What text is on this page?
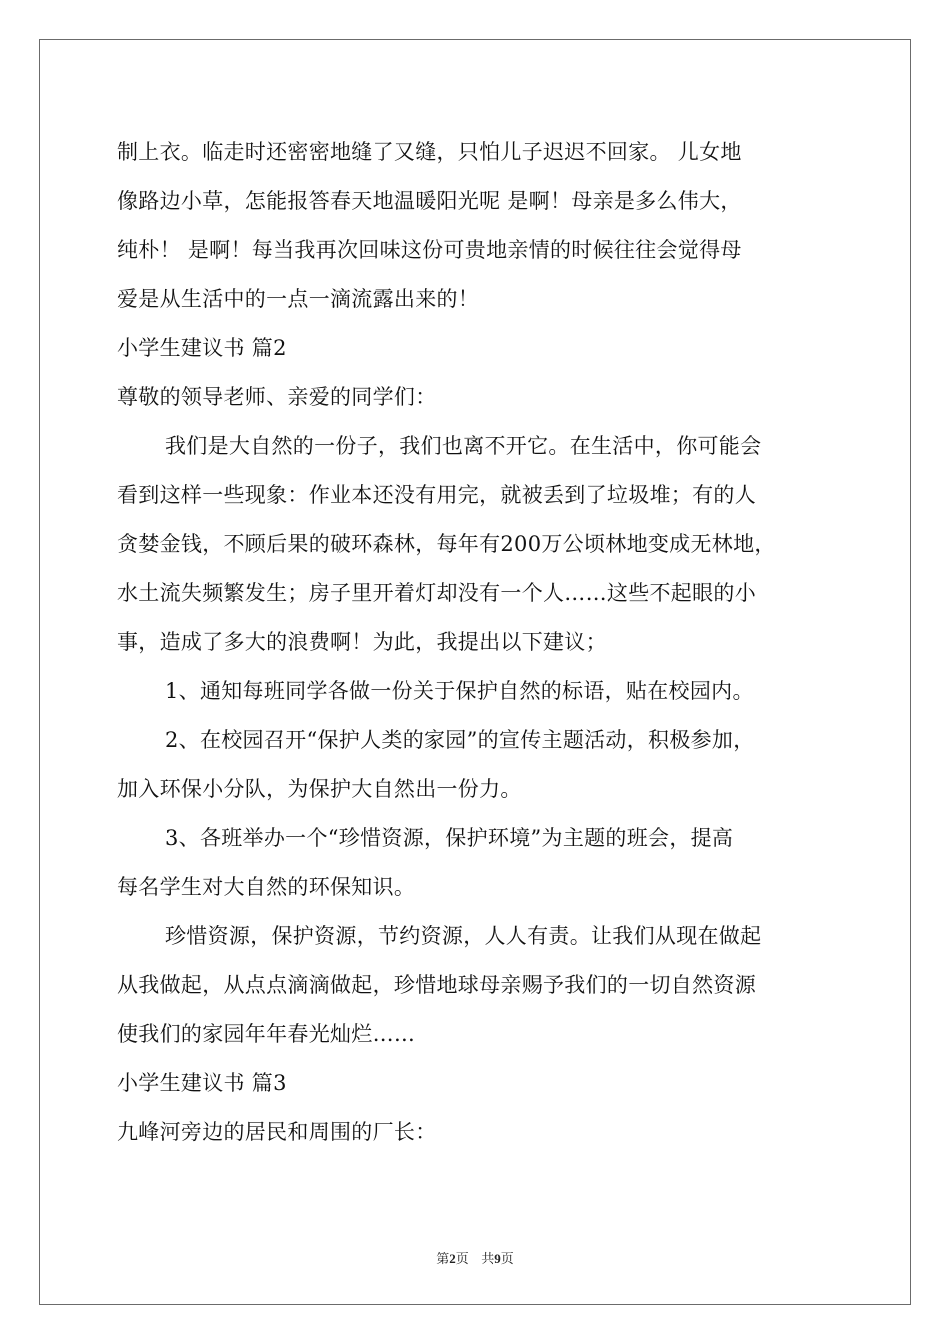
制上衣。临走时还密密地缝了又缝，只怕儿子迟迟不回家。 儿女地
像路边小草，怎能报答春天地温暖阳光呢 是啊！母亲是多么伟大，
纯朴！ 是啊！每当我再次回味这份可贵地亲情的时候往往会觉得母
爱是从生活中的一点一滴流露出来的！
小学生建议书 篇2
尊敬的领导老师、亲爱的同学们：
我们是大自然的一份子，我们也离不开它。在生活中，你可能会
看到这样一些现象：作业本还没有用完，就被丢到了垃圾堆；有的人
贪婪金钱，不顾后果的破环森林，每年有200万公顷林地变成无林地，
水土流失频繁发生；房子里开着灯却没有一个人……这些不起眼的小
事，造成了多大的浪费啊！为此，我提出以下建议；
1、通知每班同学各做一份关于保护自然的标语，贴在校园内。
2、在校园召开“保护人类的家园”的宣传主题活动，积极参加，
加入环保小分队，为保护大自然出一份力。
3、各班举办一个“珍惜资源，保护环境”为主题的班会，提高
每名学生对大自然的环保知识。
珍惜资源，保护资源，节约资源，人人有责。让我们从现在做起
从我做起，从点点滴滴做起，珍惜地球母亲赐予我们的一切自然资源
使我们的家园年年春光灿烂……
小学生建议书 篇3
九峰河旁边的居民和周围的厂长：
第2页 共9页
